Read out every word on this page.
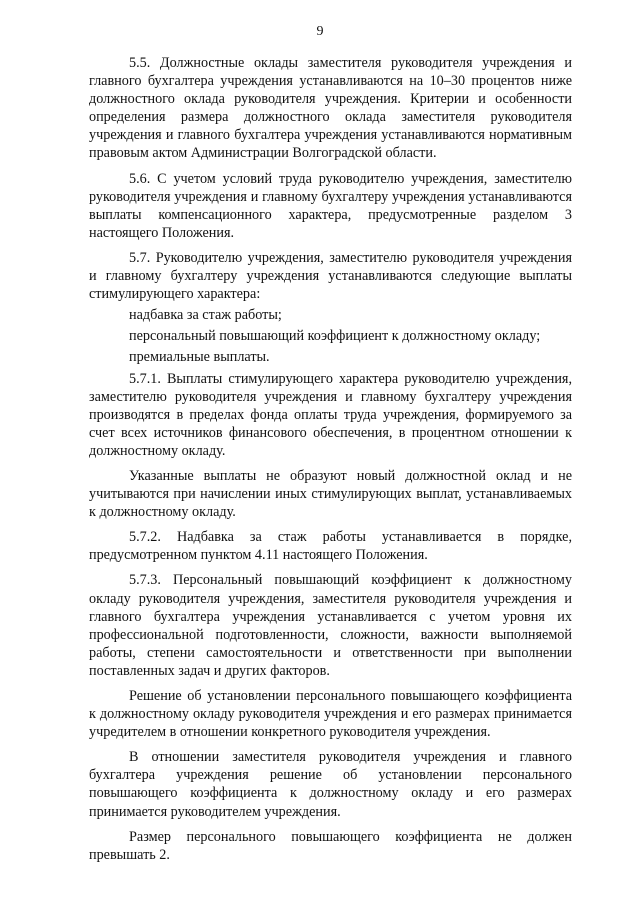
9

5.5. Должностные оклады заместителя руководителя учреждения и главного бухгалтера учреждения устанавливаются на 10–30 процентов ниже должностного оклада руководителя учреждения. Критерии и особенности определения размера должностного оклада заместителя руководителя учреждения и главного бухгалтера учреждения устанавливаются нормативным правовым актом Администрации Волгоградской области.

5.6. С учетом условий труда руководителю учреждения, заместителю руководителя учреждения и главному бухгалтеру учреждения устанавливаются выплаты компенсационного характера, предусмотренные разделом 3 настоящего Положения.

5.7. Руководителю учреждения, заместителю руководителя учреждения и главному бухгалтеру учреждения устанавливаются следующие выплаты стимулирующего характера:

надбавка за стаж работы;

персональный повышающий коэффициент к должностному окладу;

премиальные выплаты.

5.7.1. Выплаты стимулирующего характера руководителю учреждения, заместителю руководителя учреждения и главному бухгалтеру учреждения производятся в пределах фонда оплаты труда учреждения, формируемого за счет всех источников финансового обеспечения, в процентном отношении к должностному окладу.

Указанные выплаты не образуют новый должностной оклад и не учитываются при начислении иных стимулирующих выплат, устанавливаемых к должностному окладу.

5.7.2. Надбавка за стаж работы устанавливается в порядке, предусмотренном пунктом 4.11 настоящего Положения.

5.7.3. Персональный повышающий коэффициент к должностному окладу руководителя учреждения, заместителя руководителя учреждения и главного бухгалтера учреждения устанавливается с учетом уровня их профессиональной подготовленности, сложности, важности выполняемой работы, степени самостоятельности и ответственности при выполнении поставленных задач и других факторов.

Решение об установлении персонального повышающего коэффициента к должностному окладу руководителя учреждения и его размерах принимается учредителем в отношении конкретного руководителя учреждения.

В отношении заместителя руководителя учреждения и главного бухгалтера учреждения решение об установлении персонального повышающего коэффициента к должностному окладу и его размерах принимается руководителем учреждения.

Размер персонального повышающего коэффициента не должен превышать 2.
